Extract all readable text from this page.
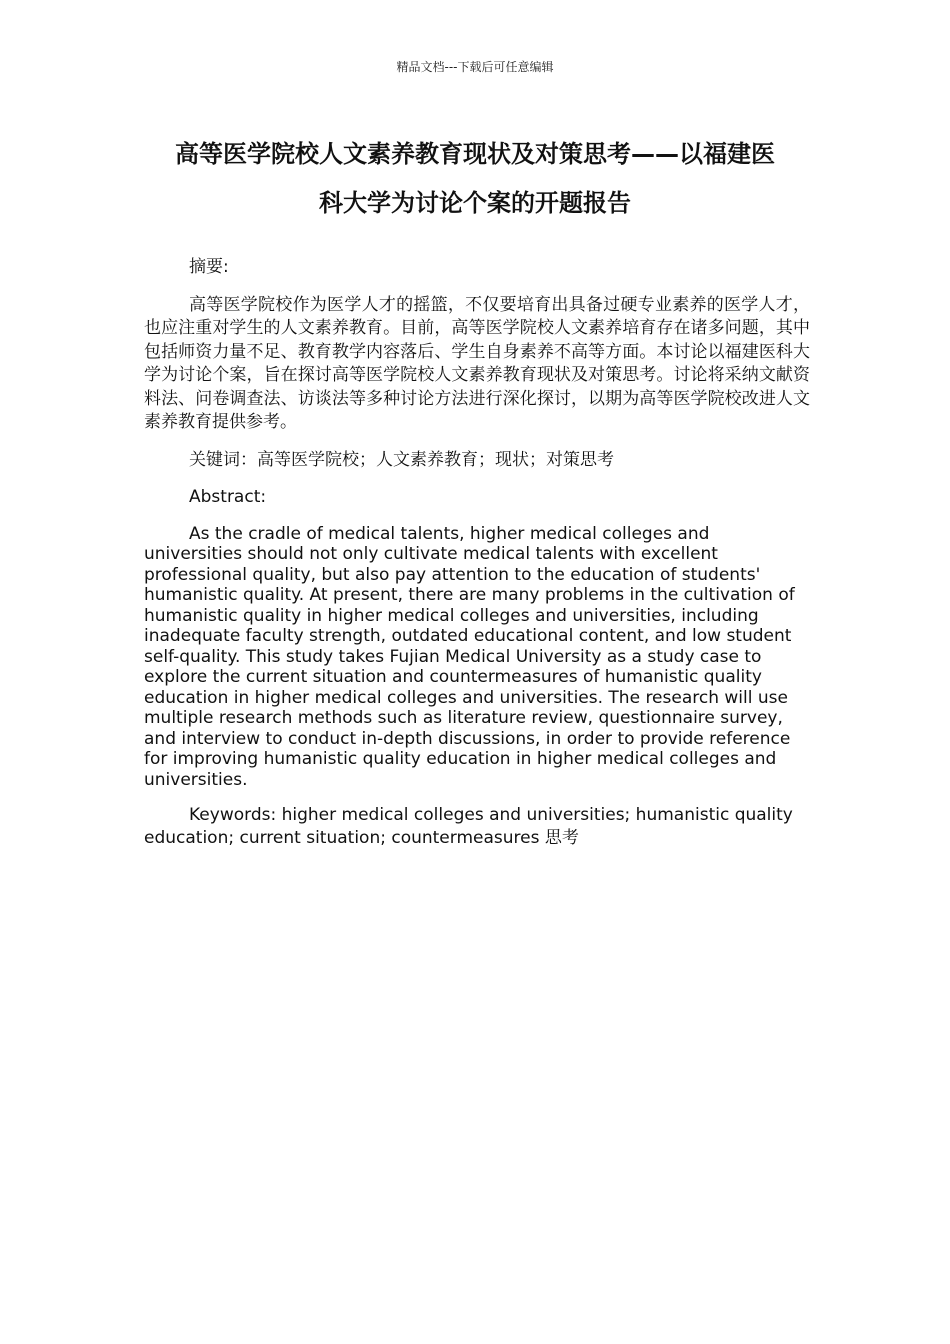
精品文档---下载后可任意编辑
高等医学院校人文素养教育现状及对策思考——以福建医
科大学为讨论个案的开题报告

摘要:

高等医学院校作为医学人才的摇篮，不仅要培育出具备过硬专业素养的医学人才，也应注重对学生的人文素养教育。目前，高等医学院校人文素养培育存在诸多问题，其中包括师资力量不足、教育教学内容落后、学生自身素养不高等方面。本讨论以福建医科大学为讨论个案，旨在探讨高等医学院校人文素养教育现状及对策思考。讨论将采纳文献资料法、问卷调查法、访谈法等多种讨论方法进行深化探讨，以期为高等医学院校改进人文素养教育提供参考。

关键词：高等医学院校；人文素养教育；现状；对策思考

Abstract:

As the cradle of medical talents, higher medical colleges and universities should not only cultivate medical talents with excellent professional quality, but also pay attention to the education of students' humanistic quality. At present, there are many problems in the cultivation of humanistic quality in higher medical colleges and universities, including inadequate faculty strength, outdated educational content, and low student self-quality. This study takes Fujian Medical University as a study case to explore the current situation and countermeasures of humanistic quality education in higher medical colleges and universities. The research will use multiple research methods such as literature review, questionnaire survey, and interview to conduct in-depth discussions, in order to provide reference for improving humanistic quality education in higher medical colleges and universities.

Keywords: higher medical colleges and universities; humanistic quality education; current situation; countermeasures 思考
